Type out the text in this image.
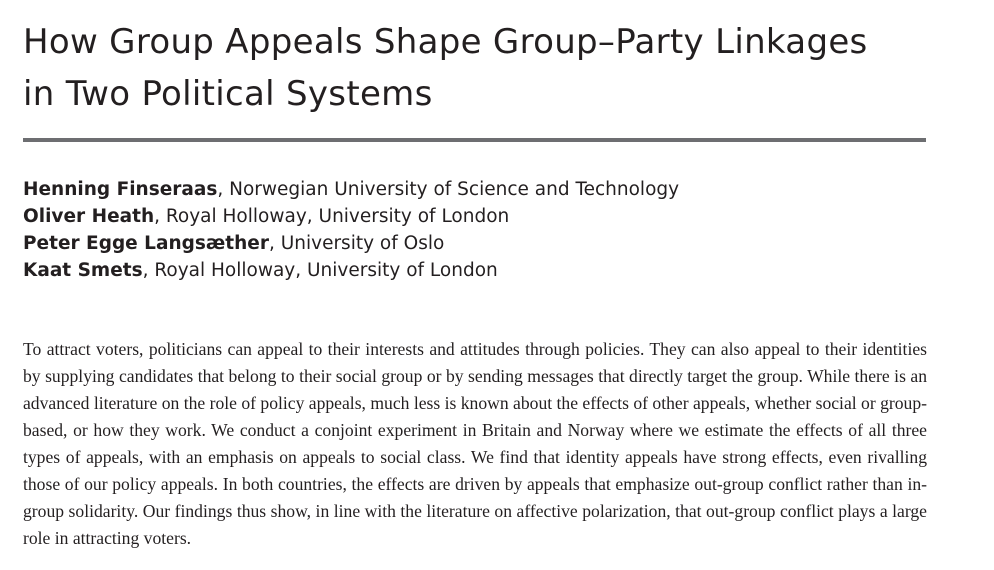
How Group Appeals Shape Group–Party Linkages
in Two Political Systems
Henning Finseraas, Norwegian University of Science and Technology
Oliver Heath, Royal Holloway, University of London
Peter Egge Langsæther, University of Oslo
Kaat Smets, Royal Holloway, University of London

To attract voters, politicians can appeal to their interests and attitudes through policies. They can also appeal to their identities by supplying candidates that belong to their social group or by sending messages that directly target the group. While there is an advanced literature on the role of policy appeals, much less is known about the effects of other appeals, whether social or group-based, or how they work. We conduct a conjoint experiment in Britain and Norway where we estimate the effects of all three types of appeals, with an emphasis on appeals to social class. We find that identity appeals have strong effects, even rivalling those of our policy appeals. In both countries, the effects are driven by appeals that emphasize out-group conflict rather than in-group solidarity. Our findings thus show, in line with the literature on affective polarization, that out-group conflict plays a large role in attracting voters.
